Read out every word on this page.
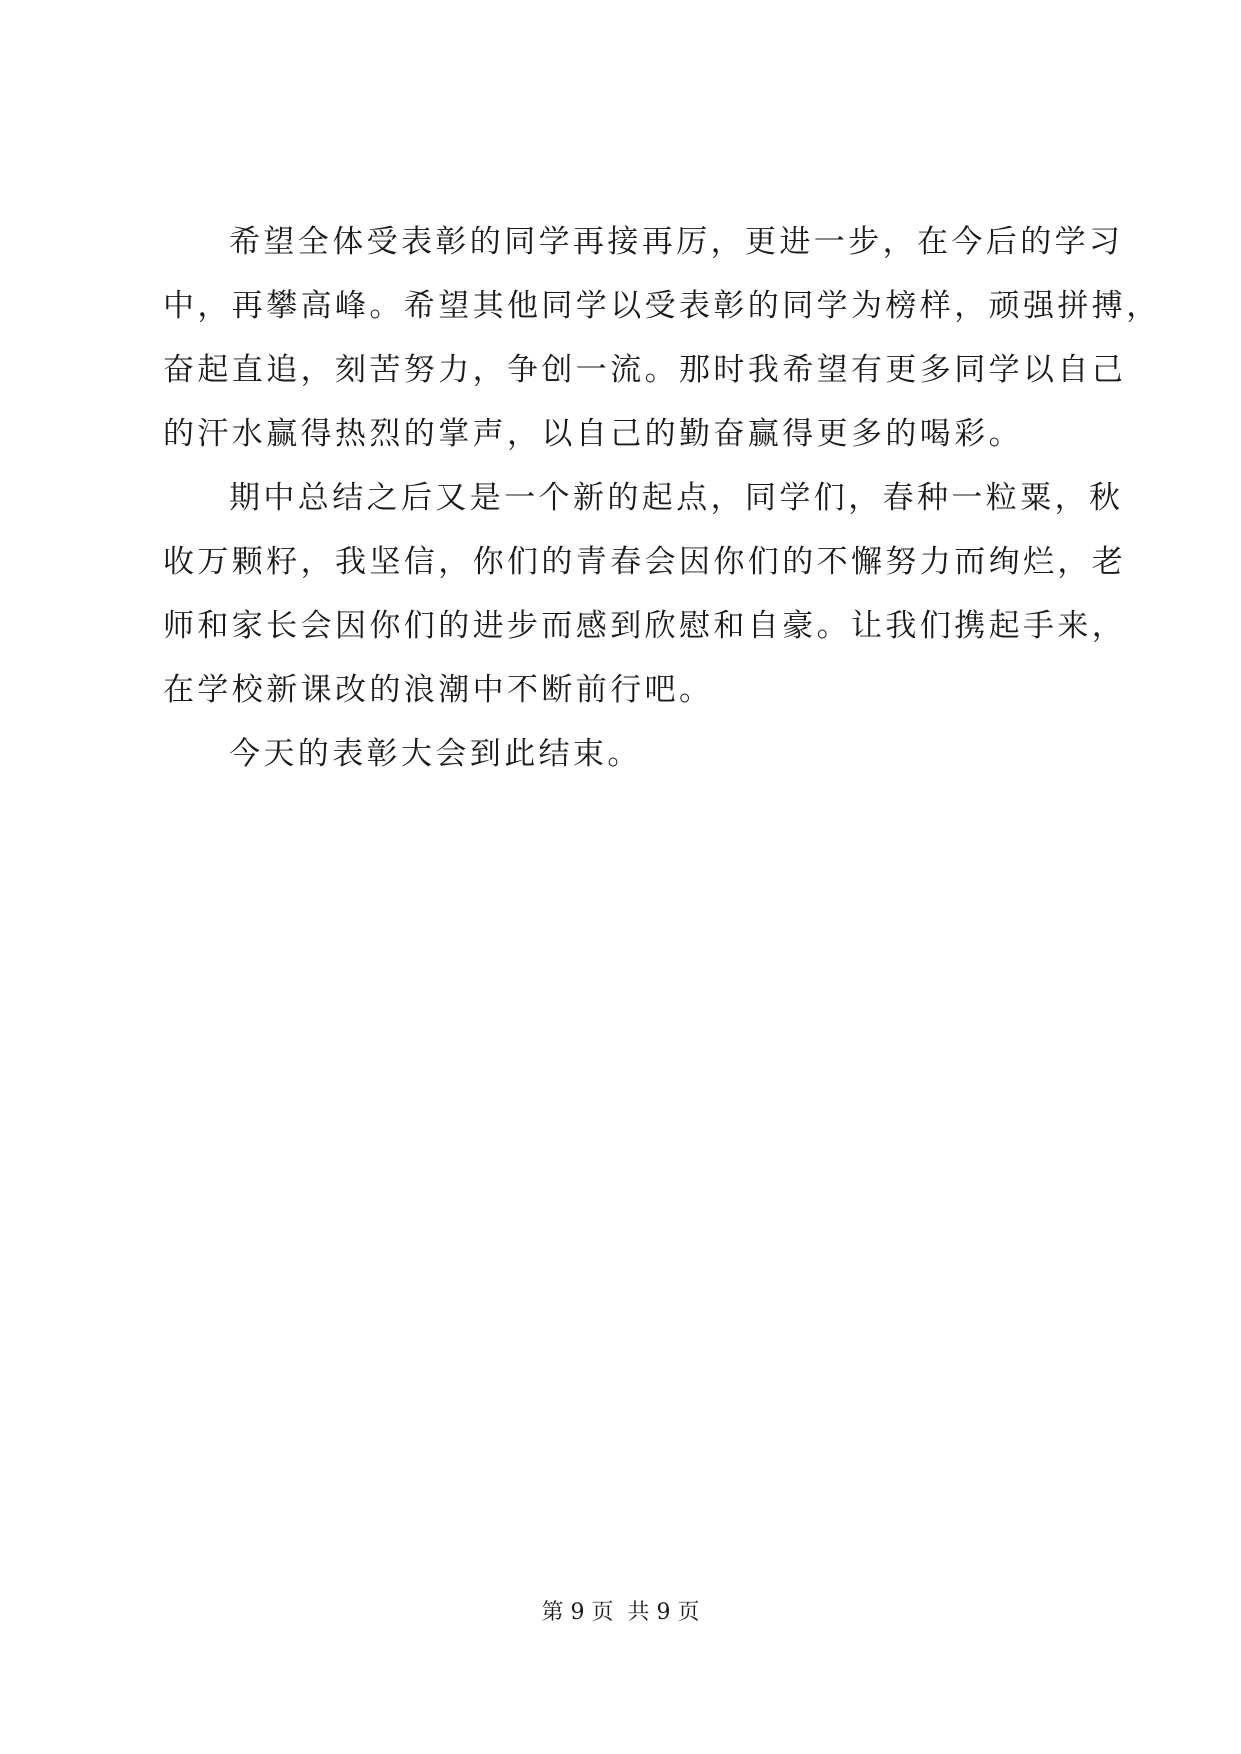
希望全体受表彰的同学再接再厉，更进一步，在今后的学习
中，再攀高峰。希望其他同学以受表彰的同学为榜样，顽强拼搏，
奋起直追，刻苦努力，争创一流。那时我希望有更多同学以自己
的汗水赢得热烈的掌声，以自己的勤奋赢得更多的喝彩。
期中总结之后又是一个新的起点，同学们，春种一粒粟，秋
收万颗籽，我坚信，你们的青春会因你们的不懈努力而绚烂，老
师和家长会因你们的进步而感到欣慰和自豪。让我们携起手来，
在学校新课改的浪潮中不断前行吧。
今天的表彰大会到此结束。
第 9 页 共 9 页
